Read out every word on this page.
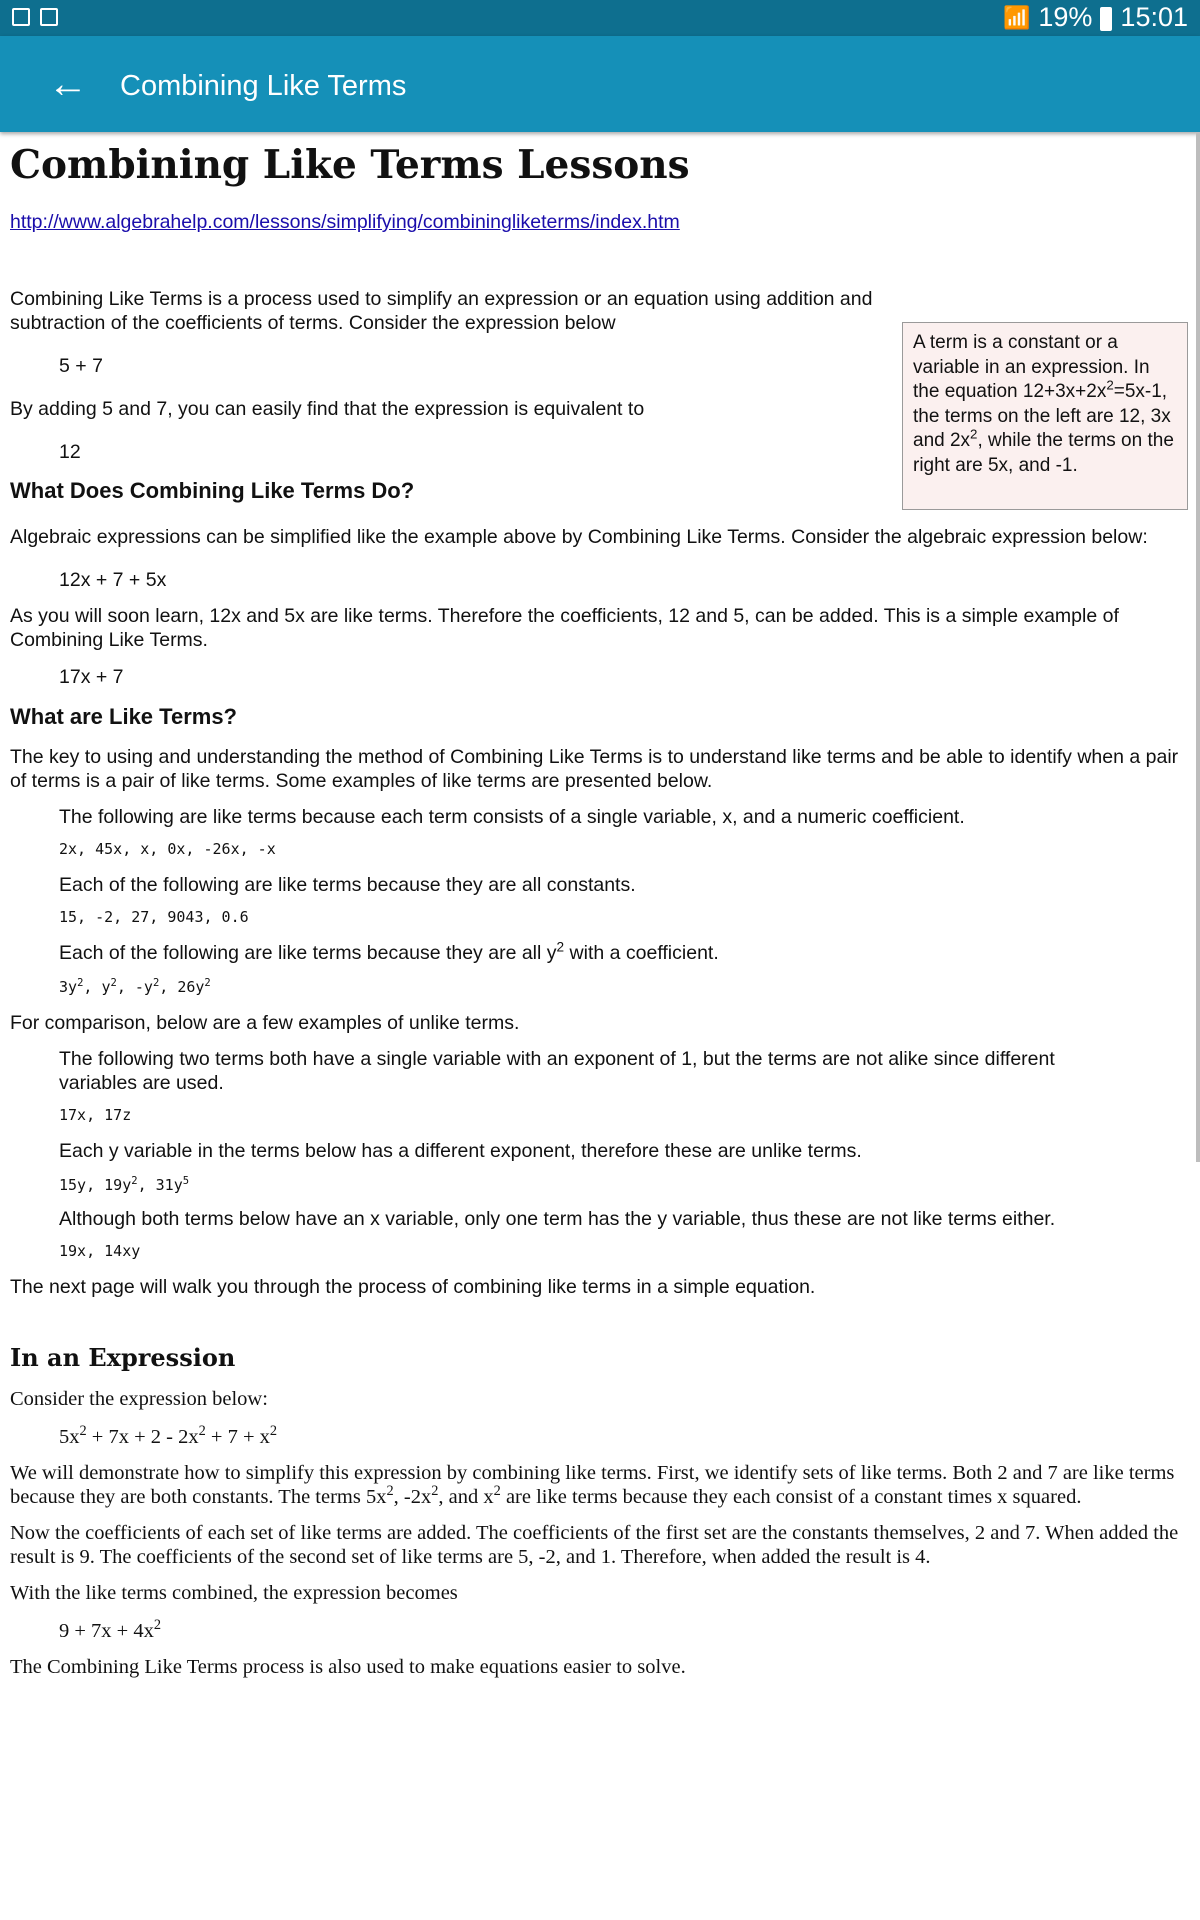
📶 19% 15:01
← Combining Like Terms
A term is a constant or a variable in an expression. In the equation $12+3x+2x^2=5x-1$, the terms on the left are 12, 3x and $2x^2$, while the terms on the right are 5x, and -1.
Combining Like Terms Lessons
http://www.algebrahelp.com/lessons/simplifying/combiningliketerms/index.htm

Combining Like Terms is a process used to simplify an expression or an equation using addition and subtraction of the coefficients of terms. Consider the expression below

5 + 7

By adding 5 and 7, you can easily find that the expression is equivalent to

12

What Does Combining Like Terms Do?

Algebraic expressions can be simplified like the example above by Combining Like Terms. Consider the algebraic expression below:

12x + 7 + 5x

As you will soon learn, 12x and 5x are like terms. Therefore the coefficients, 12 and 5, can be added. This is a simple example of Combining Like Terms.

17x + 7

What are Like Terms?

The key to using and understanding the method of Combining Like Terms is to understand like terms and be able to identify when a pair of terms is a pair of like terms. Some examples of like terms are presented below.

The following are like terms because each term consists of a single variable, x, and a numeric coefficient.

2x, 45x, x, 0x, -26x, -x

Each of the following are like terms because they are all constants.

15, -2, 27, 9043, 0.6

Each of the following are like terms because they are all $y^2$ with a coefficient.

$3y^2$, $y^2$, $-y^2$, $26y^2$

For comparison, below are a few examples of unlike terms.

The following two terms both have a single variable with an exponent of 1, but the terms are not alike since different variables are used.

17x, 17z

Each y variable in the terms below has a different exponent, therefore these are unlike terms.

15y, $19y^2$, $31y^5$

Although both terms below have an x variable, only one term has the y variable, thus these are not like terms either.

19x, 14xy

The next page will walk you through the process of combining like terms in a simple equation.

In an Expression

Consider the expression below:

$5x^2 + 7x + 2 - 2x^2 + 7 + x^2$

We will demonstrate how to simplify this expression by combining like terms. First, we identify sets of like terms. Both 2 and 7 are like terms because they are both constants. The terms $5x^2$, $-2x^2$, and $x^2$ are like terms because they each consist of a constant times x squared.

Now the coefficients of each set of like terms are added. The coefficients of the first set are the constants themselves, 2 and 7. When added the result is 9. The coefficients of the second set of like terms are 5, -2, and 1. Therefore, when added the result is 4.

With the like terms combined, the expression becomes

$9 + 7x + 4x^2$

The Combining Like Terms process is also used to make equations easier to solve.
